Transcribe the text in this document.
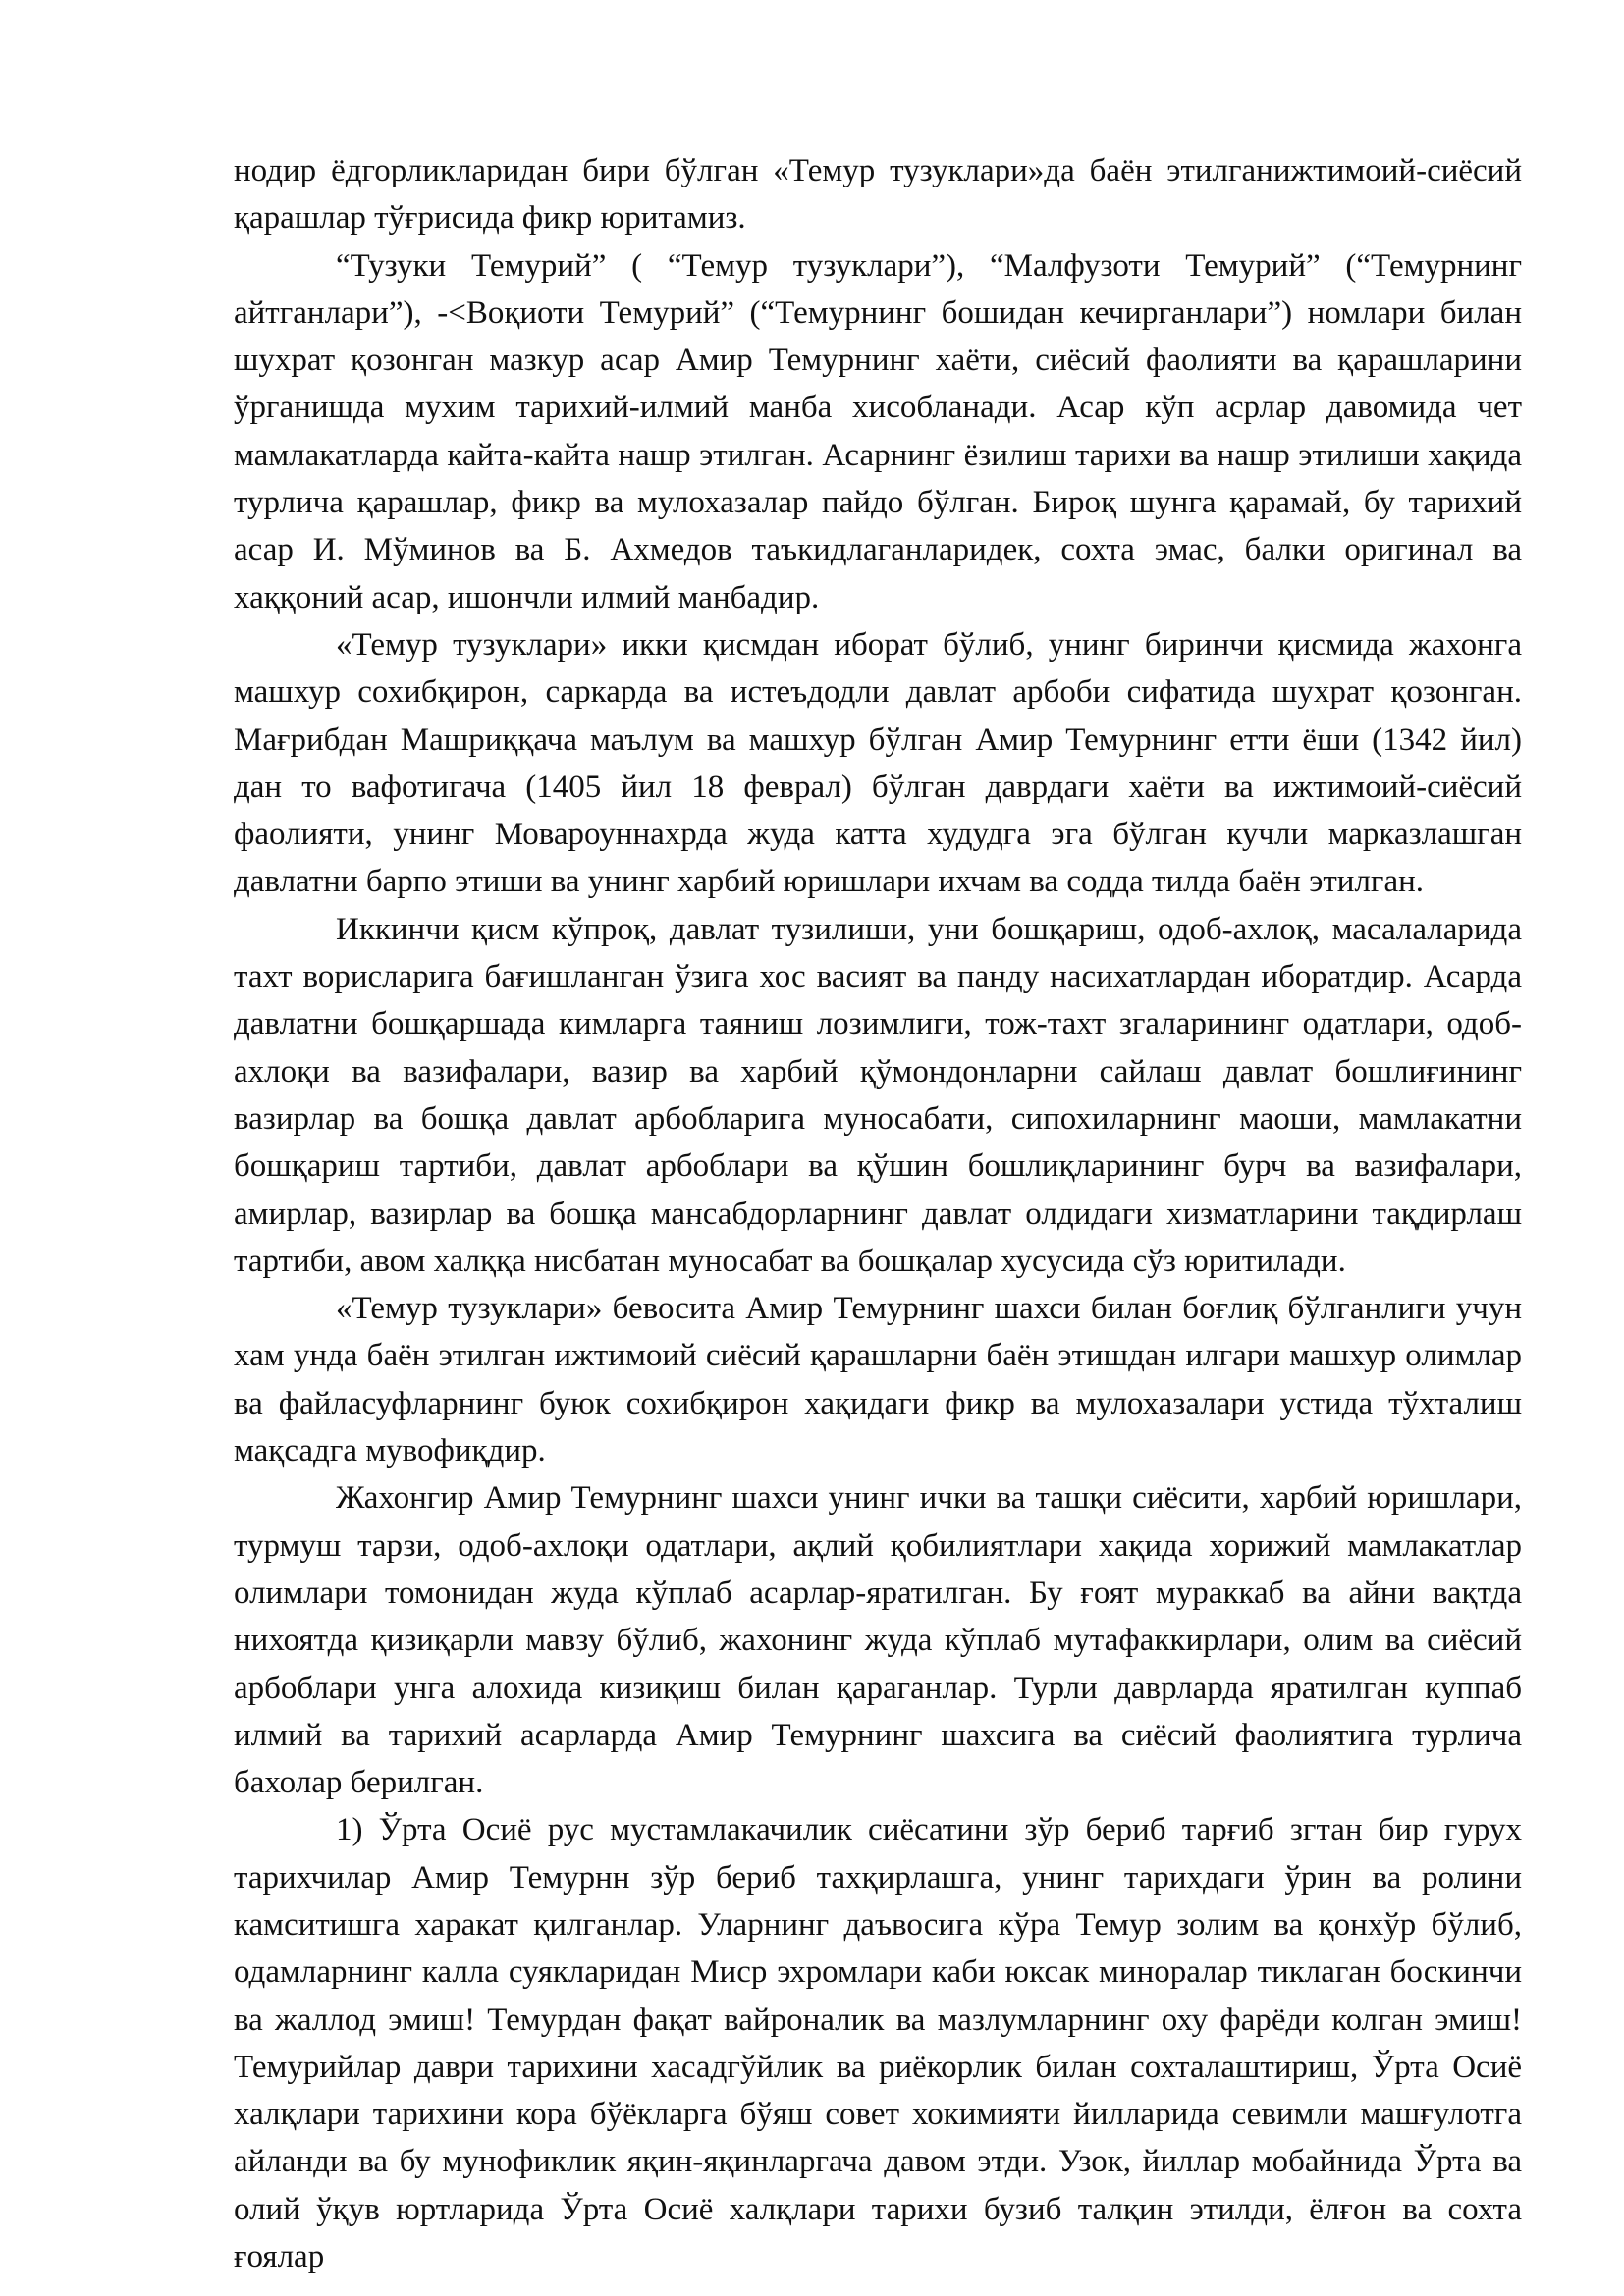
нодир ёдгорликларидан бири бўлган «Темур тузуклари»да баён этилганижтимоий-сиёсий қарашлар тўғрисида фикр юритамиз.

“Тузуки Темурий” ( “Темур тузуклари”), “Малфузоти Темурий” (“Темурнинг айтганлари”), -<Воқиоти Темурий” (“Темурнинг бошидан кечирганлари”) номлари билан шухрат қозонган мазкур асар Амир Темурнинг хаёти, сиёсий фаолияти ва қарашларини ўрганишда мухим тарихий-илмий манба хисобланади. Асар кўп асрлар давомида чет мамлакатларда кайта-кайта нашр этилган. Асарнинг ёзилиш тарихи ва нашр этилиши хақида турлича қарашлар, фикр ва мулохазалар пайдо бўлган. Бироқ шунга қарамай, бу тарихий асар И. Мўминов ва Б. Ахмедов таъкидлаганларидек, сохта эмас, балки оригинал ва хаққоний асар, ишончли илмий манбадир.

«Темур тузуклари» икки қисмдан иборат бўлиб, унинг биринчи қисмида жахонга машхур сохибқирон, саркарда ва истеъдодли давлат арбоби сифатида шухрат қозонган. Мағрибдан Машриққача маълум ва машхур бўлган Амир Темурнинг етти ёши (1342 йил) дан то вафотигача (1405 йил 18 феврал) бўлган даврдаги хаёти ва ижтимоий-сиёсий фаолияти, унинг Мовароуннахрда жуда катта худудга эга бўлган кучли марказлашган давлатни барпо этиши ва унинг харбий юришлари ихчам ва содда тилда баён этилган.

Иккинчи қисм кўпроқ, давлат тузилиши, уни бошқариш, одоб-ахлоқ, масалаларида тахт ворисларига бағишланган ўзига хос васият ва панду насихатлардан иборатдир. Асарда давлатни бошқаршада кимларга таяниш лозимлиги, тож-тахт згаларининг одатлари, одоб-ахлоқи ва вазифалари, вазир ва харбий қўмондонларни сайлаш давлат бошлиғининг вазирлар ва бошқа давлат арбобларига муносабати, сипохиларнинг маоши, мамлакатни бошқариш тартиби, давлат арбоблари ва қўшин бошлиқларининг бурч ва вазифалари, амирлар, вазирлар ва бошқа мансабдорларнинг давлат олдидаги хизматларини тақдирлаш тартиби, авом халққа нисбатан муносабат ва бошқалар хусусида сўз юритилади.

«Темур тузуклари» бевосита Амир Темурнинг шахси билан боғлиқ бўлганлиги учун хам унда баён этилган ижтимоий сиёсий қарашларни баён этишдан илгари машхур олимлар ва файласуфларнинг буюк сохибқирон хақидаги фикр ва мулохазалари устида тўхталиш мақсадга мувофиқдир.

Жахонгир Амир Темурнинг шахси унинг ички ва ташқи сиёсити, харбий юришлари, турмуш тарзи, одоб-ахлоқи одатлари, ақлий қобилиятлари хақида хорижий мамлакатлар олимлари томонидан жуда кўплаб асарлар-яратилган. Бу ғоят мураккаб ва айни вақтда нихоятда қизиқарли мавзу бўлиб, жахонинг жуда кўплаб мутафаккирлари, олим ва сиёсий арбоблари унга алохида кизиқиш билан қараганлар. Турли даврларда яратилган куппаб илмий ва тарихий асарларда Амир Темурнинг шахсига ва сиёсий фаолиятига турлича бахолар берилган.

1) Ўрта Осиё рус мустамлакачилик сиёсатини зўр бериб тарғиб згтан бир гурух тарихчилар Амир Темурнн зўр бериб тахқирлашга, унинг тарихдаги ўрин ва ролини камситишга харакат қилганлар. Уларнинг даъвосига кўра Темур золим ва қонхўр бўлиб, одамларнинг калла суякларидан Миср эхромлари каби юксак миноралар тиклаган боскинчи ва жаллод эмиш! Темурдан фақат вайроналик ва мазлумларнинг оху фарёди колган эмиш! Темурийлар даври тарихини хасадгўйлик ва риёкорлик билан сохталаштириш, Ўрта Осиё халқлари тарихини кора бўёкларга бўяш совет хокимияти йилларида севимли машғулотга айланди ва бу мунофиклик яқин-яқинларгача давом этди. Узок, йиллар мобайнида Ўрта ва олий ўқув юртларида Ўрта Осиё халқлари тарихи бузиб талқин этилди, ёлғон ва сохта ғоялар
